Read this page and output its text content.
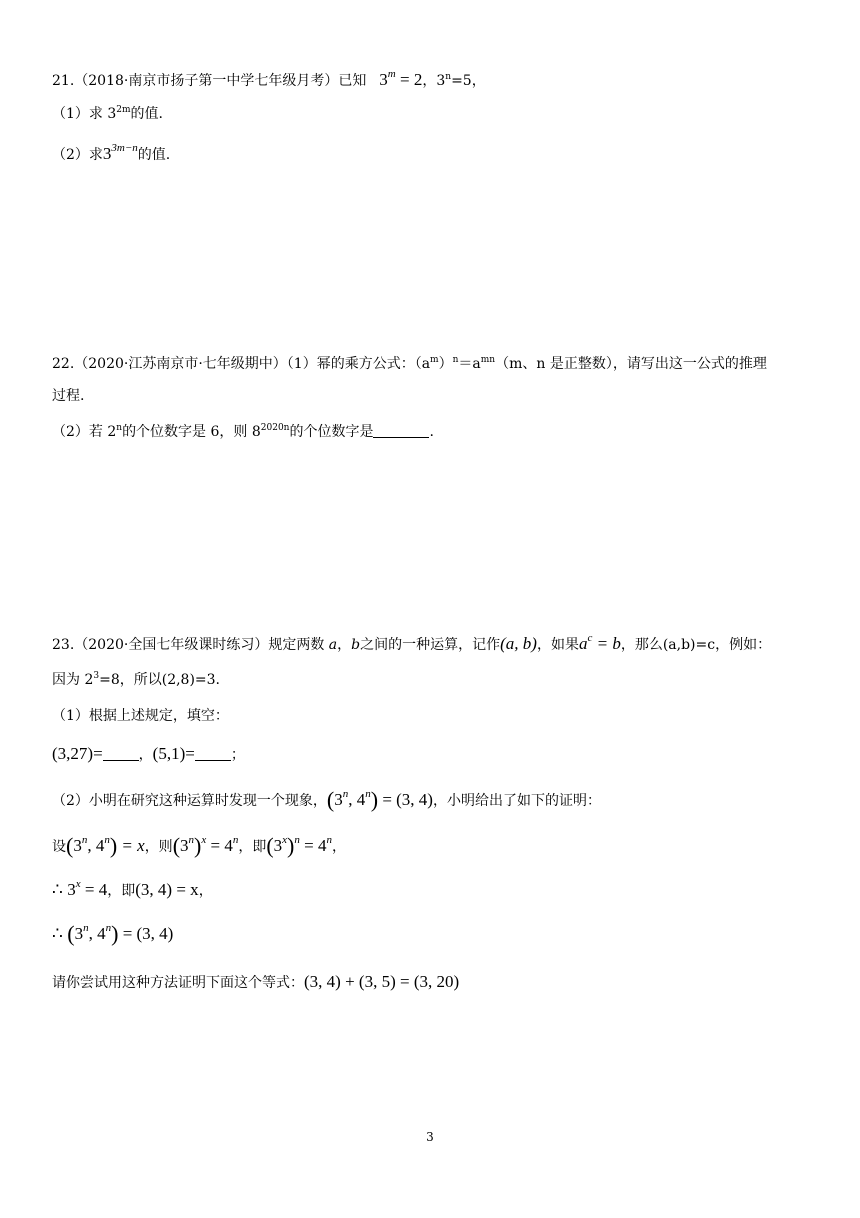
21.（2018·南京市扬子第一中学七年级月考）已知 $3^m = 2$，$3^n=5$，
（1）求 $3^{2m}$的值.
（2）求$3^{3m-n}$的值.
22.（2020·江苏南京市·七年级期中）（1）幂的乘方公式：$(a^m)^n=a^{mn}(m$、n 是正整数），请写出这一公式的推理
过程.
（2）若 2$^n$的个位数字是 6，则 $8^{2020n}$的个位数字是	.
23.（2020·全国七年级课时练习）规定两数 a，b之间的一种运算，记作(a, b)，如果$a^c = b$，那么(a,b)=c，例如：
因为 $2^3=8$，所以(2,8)=3.
（1）根据上述规定，填空：
(3,27)=	，(5,1)=	；
（2）小明在研究这种运算时发现一个现象，(3$^n$, $4^n) = (3$, 4)，小明给出了如下的证明：
设(3$^n$, $4^n) = x$，则$(3^n)^x = 4^n$，即$(3^x)^n = 4^n$，
∴ $3^x = 4$，即(3, 4) = x，
∴ (3$^n$, $4^n) = (3$, 4)
请你尝试用这种方法证明下面这个等式：(3, 4) + (3, 5) = (3, 20)
3
